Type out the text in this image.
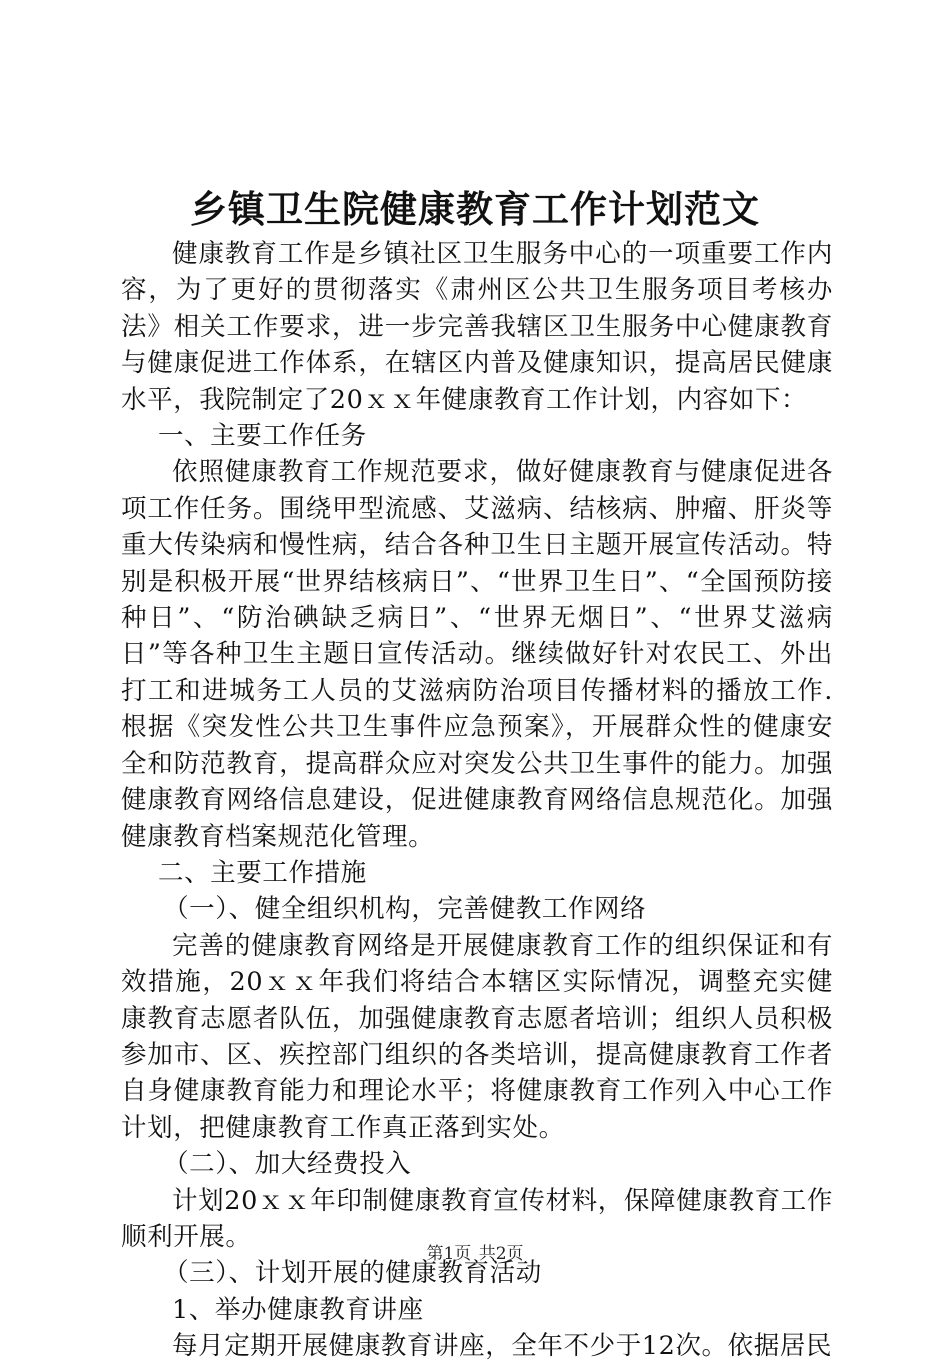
乡镇卫生院健康教育工作计划范文

健康教育工作是乡镇社区卫生服务中心的一项重要工作内容，为了更好的贯彻落实《肃州区公共卫生服务项目考核办法》相关工作要求，进一步完善我辖区卫生服务中心健康教育与健康促进工作体系，在辖区内普及健康知识，提高居民健康水平，我院制定了20ｘｘ年健康教育工作计划，内容如下：

一、主要工作任务

依照健康教育工作规范要求，做好健康教育与健康促进各项工作任务。围绕甲型流感、艾滋病、结核病、肿瘤、肝炎等重大传染病和慢性病，结合各种卫生日主题开展宣传活动。特别是积极开展“世界结核病日”、“世界卫生日”、“全国预防接种日”、“防治碘缺乏病日”、“世界无烟日”、“世界艾滋病日”等各种卫生主题日宣传活动。继续做好针对农民工、外出打工和进城务工人员的艾滋病防治项目传播材料的播放工作.根据《突发性公共卫生事件应急预案》，开展群众性的健康安全和防范教育，提高群众应对突发公共卫生事件的能力。加强健康教育网络信息建设，促进健康教育网络信息规范化。加强健康教育档案规范化管理。

二、主要工作措施

（一）、健全组织机构，完善健教工作网络

完善的健康教育网络是开展健康教育工作的组织保证和有效措施，20ｘｘ年我们将结合本辖区实际情况，调整充实健康教育志愿者队伍，加强健康教育志愿者培训；组织人员积极参加市、区、疾控部门组织的各类培训，提高健康教育工作者自身健康教育能力和理论水平；将健康教育工作列入中心工作计划，把健康教育工作真正落到实处。

（二）、加大经费投入

计划20ｘｘ年印制健康教育宣传材料，保障健康教育工作顺利开展。

（三）、计划开展的健康教育活动

1、举办健康教育讲座

每月定期开展健康教育讲座，全年不少于12次。依据居民

第1页 共2页
